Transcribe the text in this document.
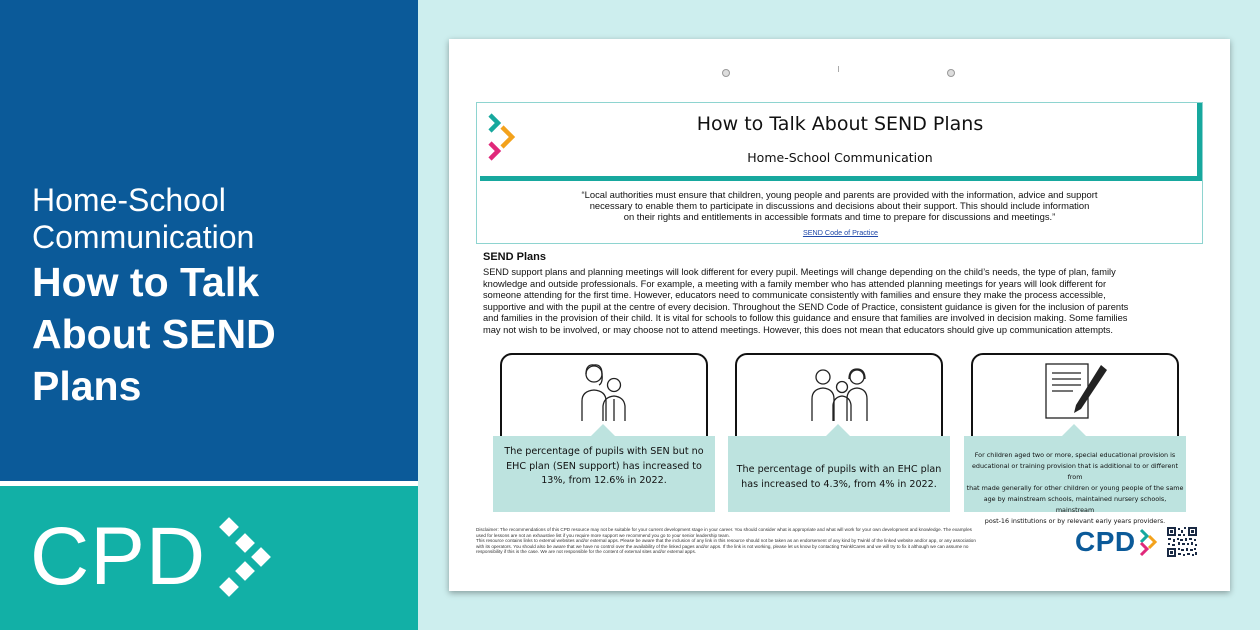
Home-School
Communication
How to Talk
About SEND
Plans
CPD
How to Talk About SEND Plans
Home-School Communication
“Local authorities must ensure that children, young people and parents are provided with the information, advice and support
necessary to enable them to participate in discussions and decisions about their support. This should include information
on their rights and entitlements in accessible formats and time to prepare for discussions and meetings.”
SEND Code of Practice
SEND Plans
SEND support plans and planning meetings will look different for every pupil. Meetings will change depending on the child’s needs, the type of plan, family
knowledge and outside professionals. For example, a meeting with a family member who has attended planning meetings for years will look different for
someone attending for the first time. However, educators need to communicate consistently with families and ensure they make the process accessible,
supportive and with the pupil at the centre of every decision. Throughout the SEND Code of Practice, consistent guidance is given for the inclusion of parents
and families in the provision of their child. It is vital for schools to follow this guidance and ensure that families are involved in decision making. Some families
may not wish to be involved, or may choose not to attend meetings. However, this does not mean that educators should give up communication attempts.
The percentage of pupils with SEN but no
EHC plan (SEN support) has increased to
13%, from 12.6% in 2022.
The percentage of pupils with an EHC plan
has increased to 4.3%, from 4% in 2022.
For children aged two or more, special educational provision is
educational or training provision that is additional to or different from
that made generally for other children or young people of the same
age by mainstream schools, maintained nursery schools, mainstream
post-16 institutions or by relevant early years providers.
Disclaimer: The recommendations of this CPD resource may not be suitable for your current development stage in your career. You should consider what is appropriate and what will work for your own development and knowledge. The examples
used for lessons are not an exhaustive list if you require more support we recommend you go to your senior leadership team.
This resource contains links to external websites and/or external apps. Please be aware that the inclusion of any link in this resource should not be taken as an endorsement of any kind by Twinkl of the linked website and/or app, or any association
with its operators. You should also be aware that we have no control over the availability of the linked pages and/or apps. If the link is not working, please let us know by contacting TwinklCares and we will try to fix it although we can assume no
responsibility if this is the case. We are not responsible for the content of external sites and/or external apps.	CPD
